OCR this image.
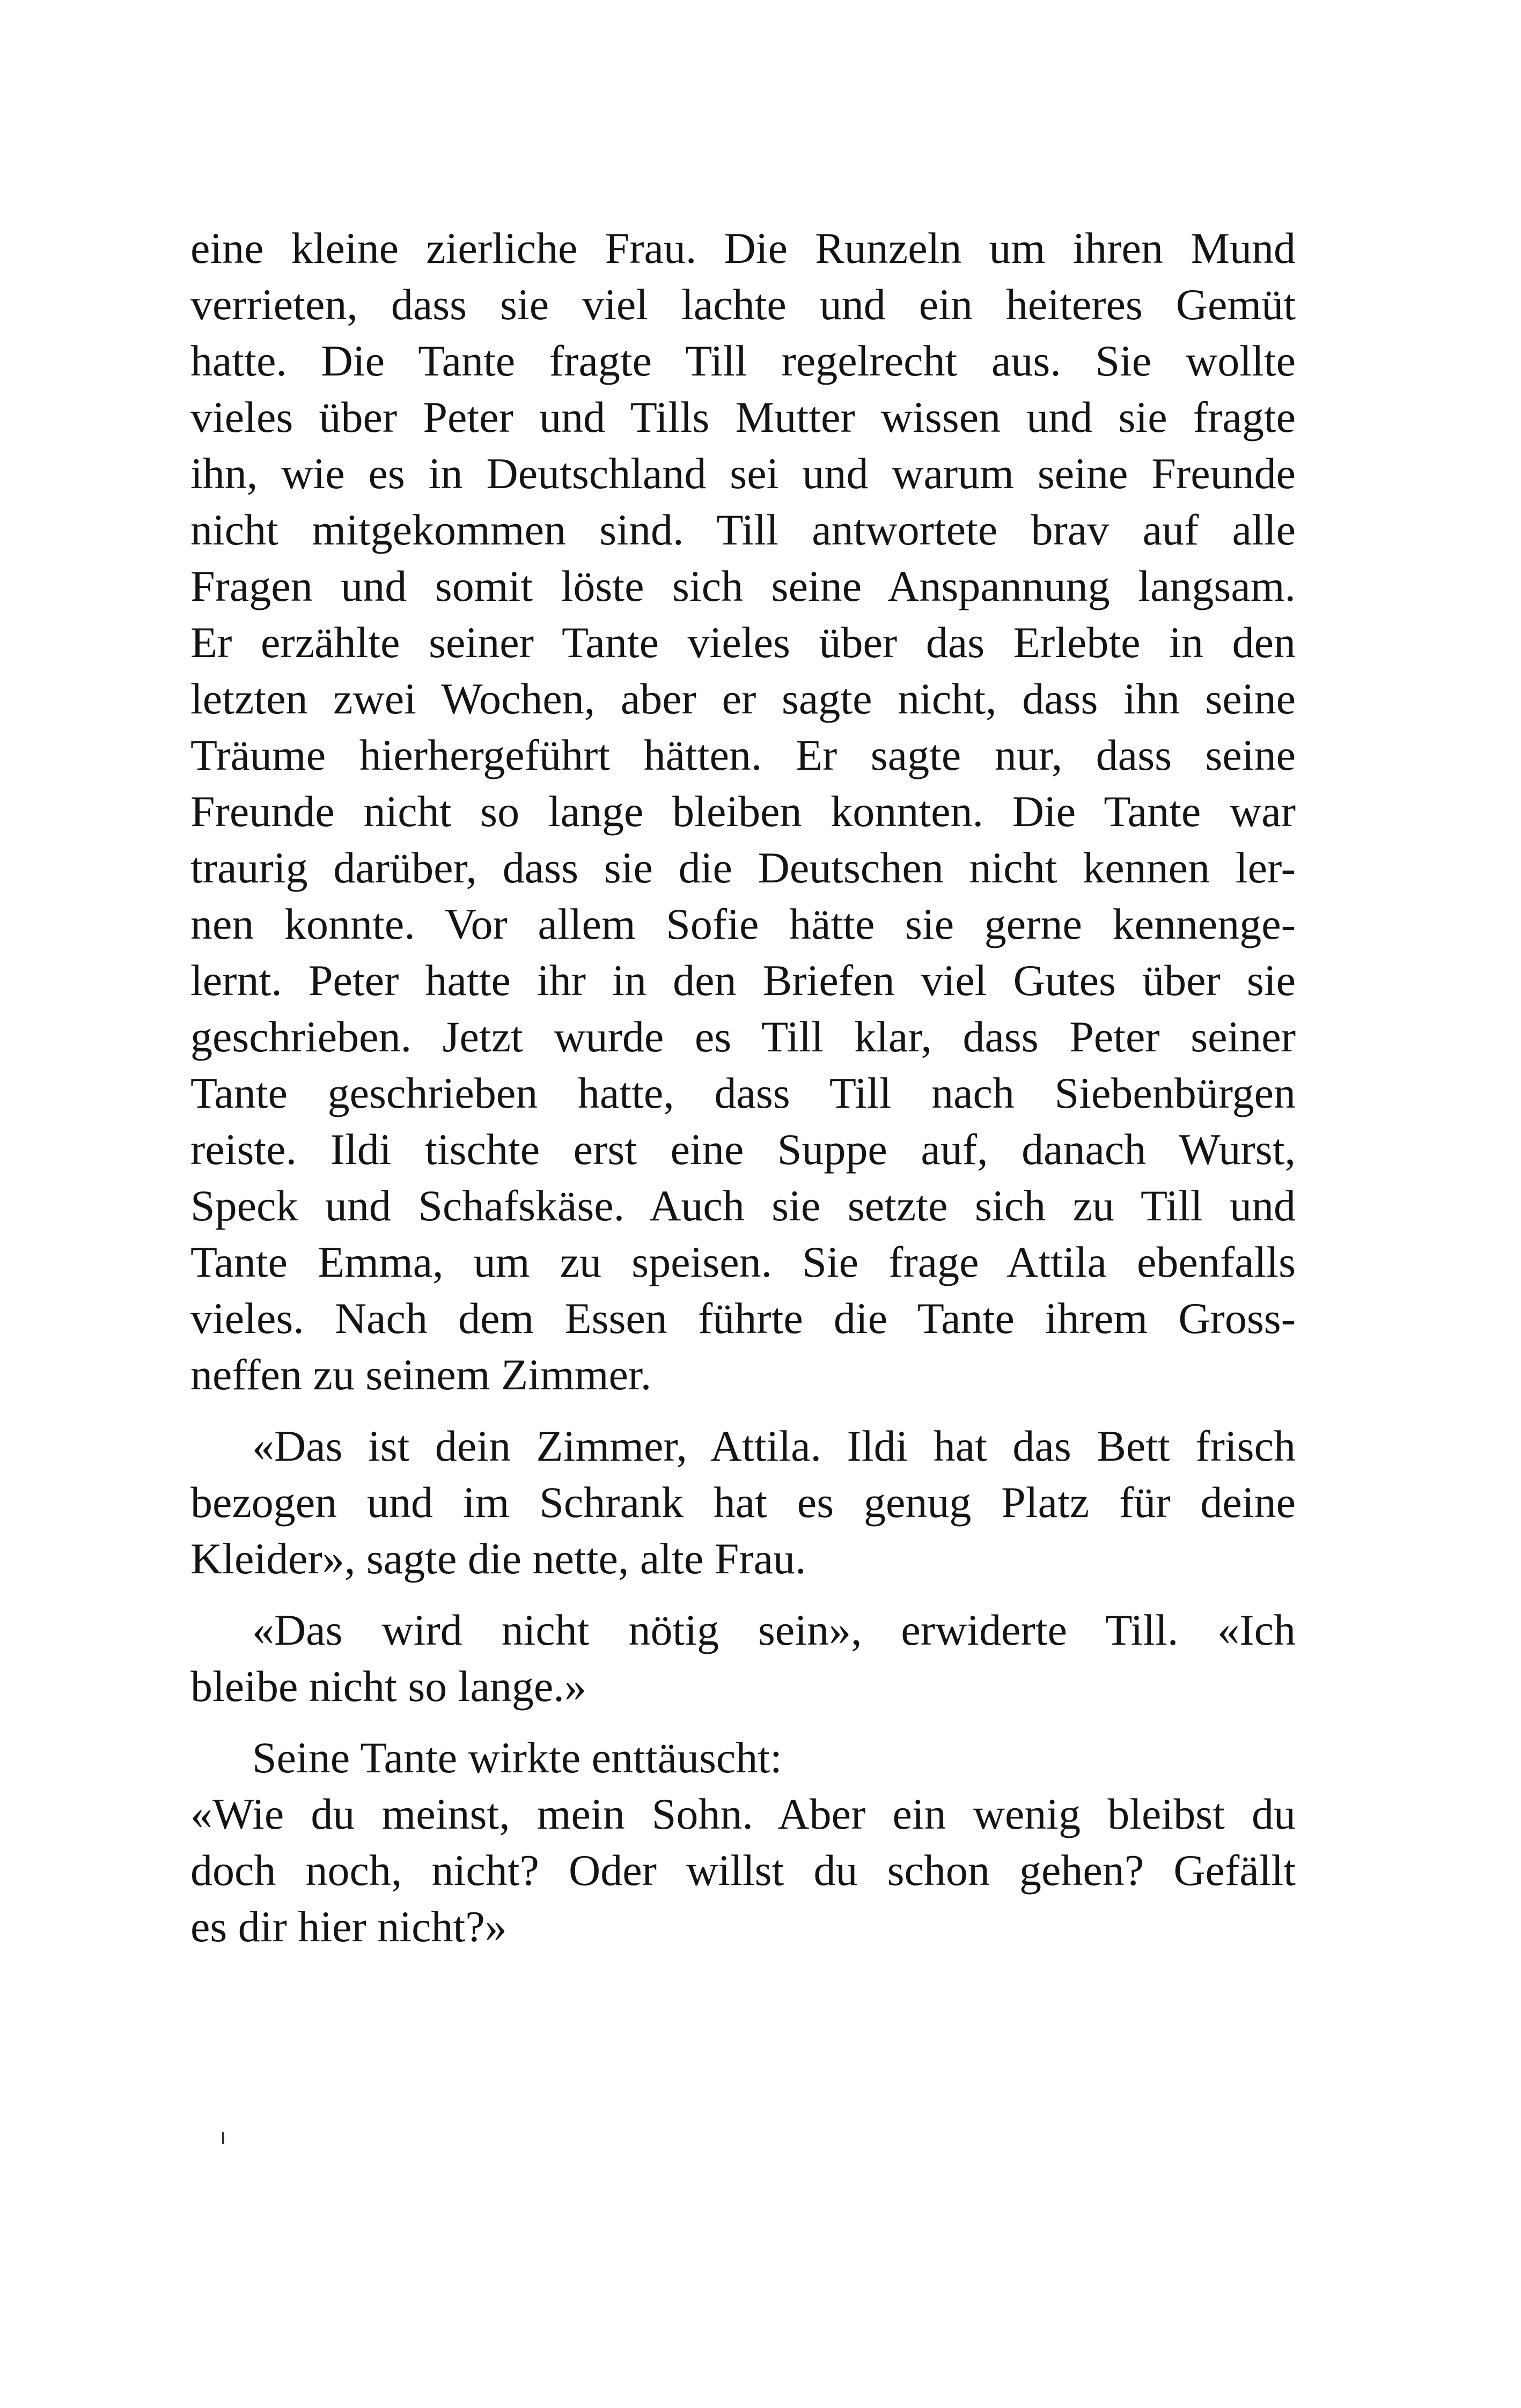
eine kleine zierliche Frau. Die Runzeln um ihren Mund
verrieten, dass sie viel lachte und ein heiteres Gemüt
hatte. Die Tante fragte Till regelrecht aus. Sie wollte
vieles über Peter und Tills Mutter wissen und sie fragte
ihn, wie es in Deutschland sei und warum seine Freunde
nicht mitgekommen sind. Till antwortete brav auf alle
Fragen und somit löste sich seine Anspannung langsam.
Er erzählte seiner Tante vieles über das Erlebte in den
letzten zwei Wochen, aber er sagte nicht, dass ihn seine
Träume hierhergeführt hätten. Er sagte nur, dass seine
Freunde nicht so lange bleiben konnten. Die Tante war
traurig darüber, dass sie die Deutschen nicht kennen ler-
nen konnte. Vor allem Sofie hätte sie gerne kennenge-
lernt. Peter hatte ihr in den Briefen viel Gutes über sie
geschrieben. Jetzt wurde es Till klar, dass Peter seiner
Tante geschrieben hatte, dass Till nach Siebenbürgen
reiste. Ildi tischte erst eine Suppe auf, danach Wurst,
Speck und Schafskäse. Auch sie setzte sich zu Till und
Tante Emma, um zu speisen. Sie frage Attila ebenfalls
vieles. Nach dem Essen führte die Tante ihrem Gross-
neffen zu seinem Zimmer.
«Das ist dein Zimmer, Attila. Ildi hat das Bett frisch
bezogen und im Schrank hat es genug Platz für deine
Kleider», sagte die nette, alte Frau.
«Das wird nicht nötig sein», erwiderte Till. «Ich
bleibe nicht so lange.»
Seine Tante wirkte enttäuscht:
«Wie du meinst, mein Sohn. Aber ein wenig bleibst du
doch noch, nicht? Oder willst du schon gehen? Gefällt
es dir hier nicht?»
